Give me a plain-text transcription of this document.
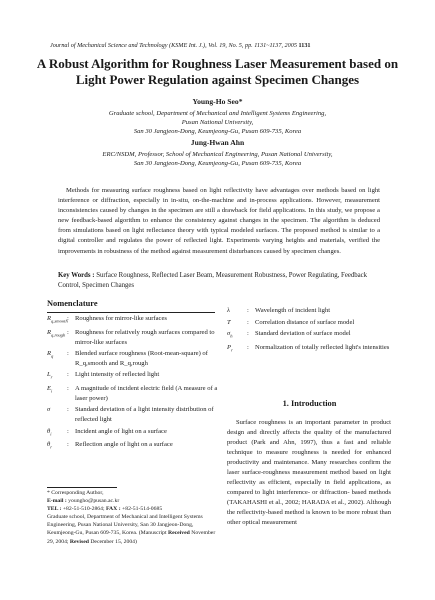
Journal of Mechanical Science and Technology (KSME Int. J.), Vol. 19, No. 5, pp. 1131~1137, 2005 1131
A Robust Algorithm for Roughness Laser Measurement based on
Light Power Regulation against Specimen Changes
Young-Ho Seo*
Graduate school, Department of Mechanical and Intelligent Systems Engineering,
Pusan National University,
San 30 Jangjeon-Dong, Keumjeong-Gu, Pusan 609-735, Korea
Jung-Hwan Ahn
ERC/NSDM, Professor, School of Mechanical Engineering, Pusan National University,
San 30 Jangjeon-Dong, Keumjeong-Gu, Pusan 609-735, Korea
Methods for measuring surface roughness based on light reflectivity have advantages over methods based on light interference or diffraction, especially in in-situ, on-the-machine and in-process applications. However, measurement inconsistencies caused by changes in the specimen are still a drawback for field applications. In this study, we propose a new feedback-based algorithm to enhance the consistency against changes in the specimen. The algorithm is deduced from simulations based on light reflectance theory with typical modeled surfaces. The proposed method is similar to a digital controller and regulates the power of reflected light. Experiments varying heights and materials, verified the improvements in robustness of the method against measurement disturbances caused by specimen changes.
Key Words : Surface Roughness, Reflected Laser Beam, Measurement Robustness, Power Regulating, Feedback Control, Specimen Changes
Nomenclature
$R_{q,smooth}$ : Roughness for mirror-like surfaces
$R_{q,rough}$ : Roughness for relatively rough surfaces compared to mirror-like surfaces
$R_q$	: Blended surface roughness (Root-mean-square) of R_q,smooth and R_q,rough
$L_r$	: Light intensity of reflected light
$E_i$	: A magnitude of incident electric field (A measure of a laser power)
σ	: Standard deviation of a light intensity distribution of reflected light
$\theta_i$	: Incident angle of light on a surface
$\theta_r$	: Reflection angle of light on a surface
λ	: Wavelength of incident light
T	: Correlation distance of surface model
$\sigma_h$	: Standard deviation of surface model
$P_r$	: Normalization of totally reflected light's intensities
1. Introduction
Surface roughness is an important parameter in product design and directly affects the quality of the manufactured product (Park and Ahn, 1997), thus a fast and reliable technique to measure roughness is needed for enhanced productivity and maintenance. Many researches confirm the laser surface-roughness measurement method based on light reflectivity as efficient, especially in field applications, as compared to light interference- or diffraction- based methods (TAKAHASHI et al., 2002; HARADA et al., 2002). Although the reflectivity-based method is known to be more robust than other optical measurement
* Corresponding Author,
E-mail : youngho@pusan.ac.kr
TEL : +82-51-510-2864; FAX : +82-51-514-0685
Graduate school, Department of Mechanical and Intelligent Systems Engineering, Pusan National University, San 30 Jangjeon-Dong, Keumjeong-Gu, Pusan 609-735, Korea. (Manuscript Received November 29, 2004; Revised December 15, 2004)
